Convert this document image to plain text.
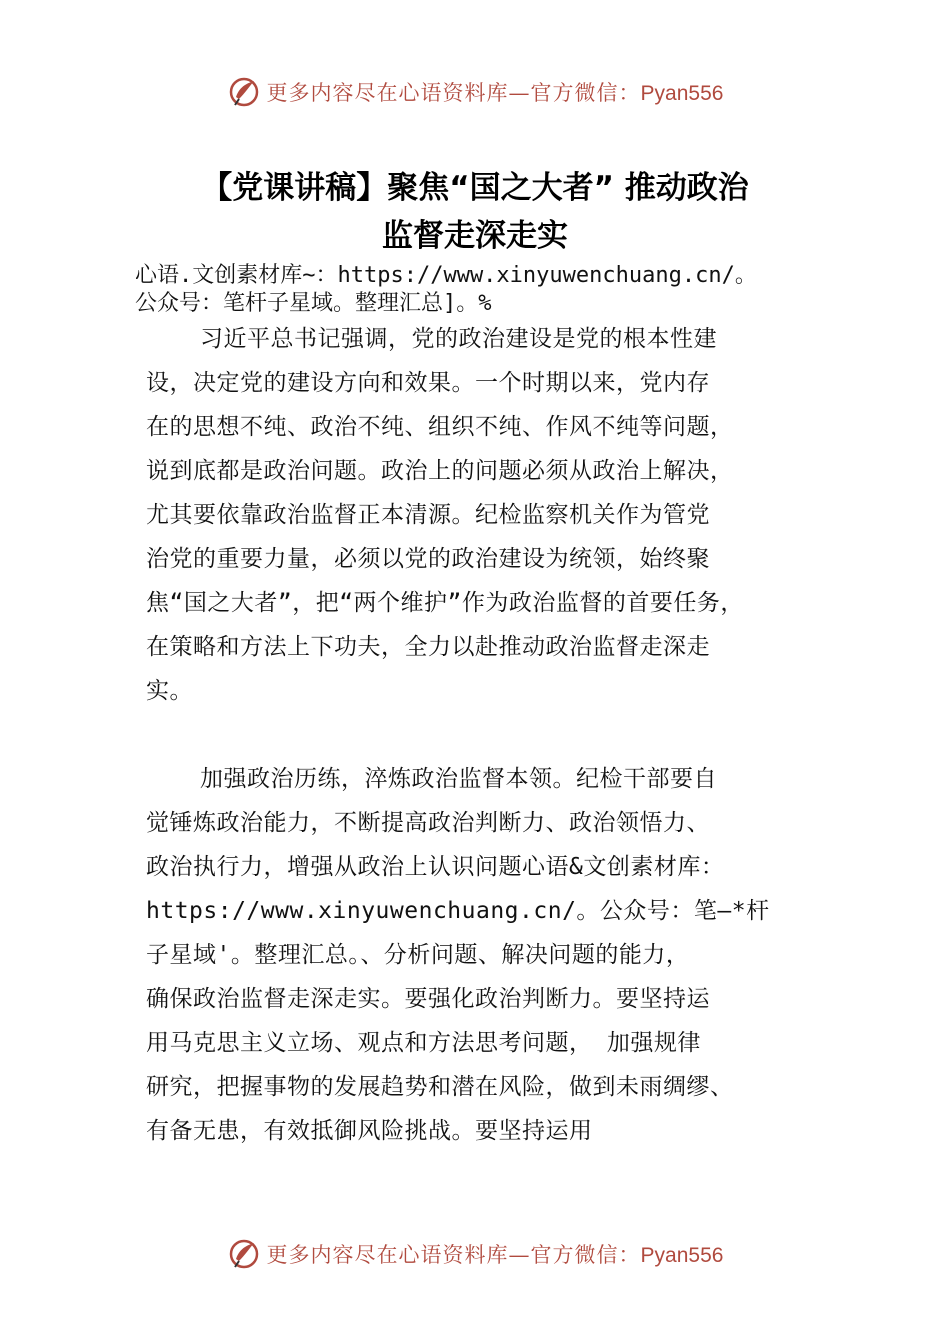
更多内容尽在心语资料库—官方微信：Pyan556
【党课讲稿】聚焦“国之大者” 推动政治
监督走深走实
心语.文创素材库~：https://www.xinyuwenchuang.cn/。
公众号：笔杆子星域。整理汇总]。%
习近平总书记强调，党的政治建设是党的根本性建
设，决定党的建设方向和效果。一个时期以来，党内存
在的思想不纯、政治不纯、组织不纯、作风不纯等问题，
说到底都是政治问题。政治上的问题必须从政治上解决，
尤其要依靠政治监督正本清源。纪检监察机关作为管党
治党的重要力量，必须以党的政治建设为统领，始终聚
焦“国之大者”，把“两个维护”作为政治监督的首要任务，
在策略和方法上下功夫，全力以赴推动政治监督走深走
实。
加强政治历练，淬炼政治监督本领。纪检干部要自
觉锤炼政治能力，不断提高政治判断力、政治领悟力、
政治执行力，增强从政治上认识问题心语&文创素材库：
https://www.xinyuwenchuang.cn/。公众号：笔—*杆
子星域'。整理汇总。、分析问题、解决问题的能力，
确保政治监督走深走实。要强化政治判断力。要坚持运
用马克思主义立场、观点和方法思考问题， 加强规律
研究，把握事物的发展趋势和潜在风险，做到未雨绸缪、
有备无患，有效抵御风险挑战。要坚持运用
更多内容尽在心语资料库—官方微信：Pyan556
